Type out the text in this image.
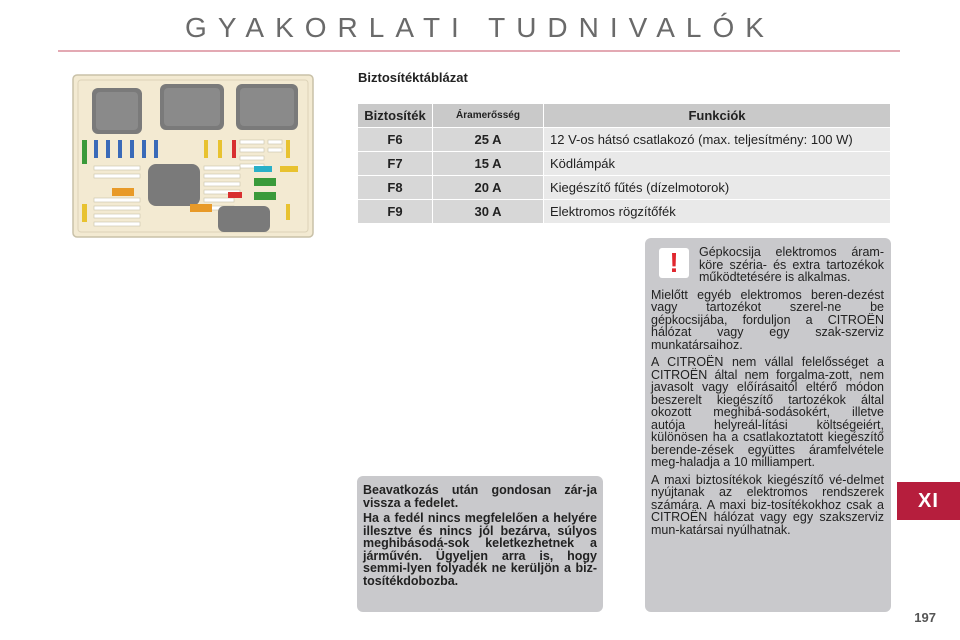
GYAKORLATI TUDNIVALÓK
Biztosítéktáblázat
Biztosíték	Áramerősség	Funkciók
F6	25 A	12 V-os hátsó csatlakozó (max. teljesítmény: 100 W)
F7	15 A	Ködlámpák
F8	20 A	Kiegészítő fűtés (dízelmotorok)
F9	30 A	Elektromos rögzítőfék
!	Gépkocsija elektromos áram-köre széria- és extra tartozékok működtetésére is alkalmas.

Mielőtt egyéb elektromos beren-dezést vagy tartozékot szerel-ne be gépkocsijába, forduljon a CITROËN hálózat vagy egy szak-szerviz munkatársaihoz.

A CITROËN nem vállal felelősséget a CITROËN által nem forgalma-zott, nem javasolt vagy előírásaitól eltérő módon beszerelt kiegészítő tartozékok által okozott meghibá-sodásokért, illetve autója helyreál-lítási költségeiért, különösen ha a csatlakoztatott kiegészítő berende-zések együttes áramfelvétele meg-haladja a 10 milliampert.

A maxi biztosítékok kiegészítő vé-delmet nyújtanak az elektromos rendszerek számára. A maxi biz-tosítékokhoz csak a CITROËN hálózat vagy egy szakszerviz mun-katársai nyúlhatnak.

Beavatkozás után gondosan zár-ja vissza a fedelet.

Ha a fedél nincs megfelelően a helyére illesztve és nincs jól bezárva, súlyos meghibásodá-sok keletkezhetnek a járművén. Ügyeljen arra is, hogy semmi-lyen folyadék ne kerüljön a biz-tosítékdobozba.

XI
197
